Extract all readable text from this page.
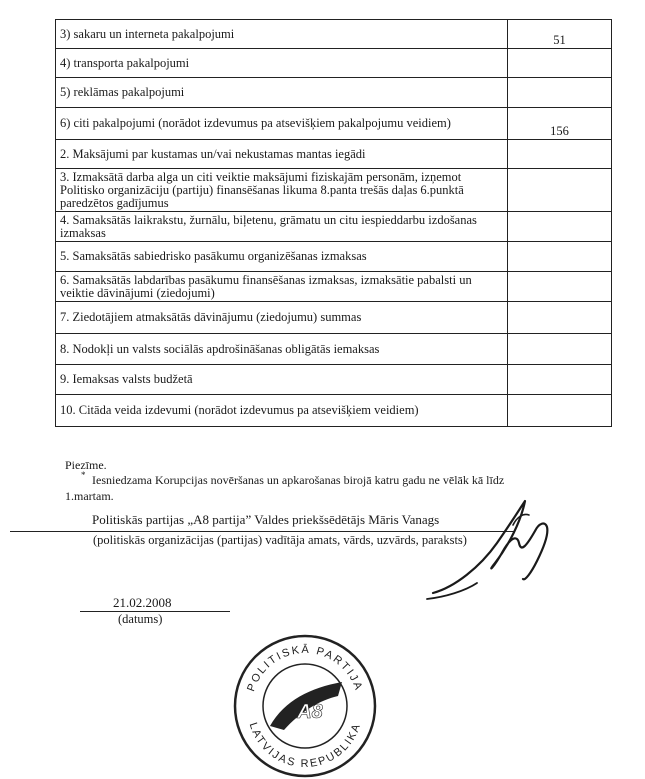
3) sakaru un interneta pakalpojumi	51
4) transporta pakalpojumi	
5) reklāmas pakalpojumi	
6) citi pakalpojumi (norādot izdevumus pa atsevišķiem pakalpojumu veidiem)	156
2. Maksājumi par kustamas un/vai nekustamas mantas iegādi	
3. Izmaksātā darba alga un citi veiktie maksājumi fiziskajām personām, izņemot Politisko organizāciju (partiju) finansēšanas likuma 8.panta trešās daļas 6.punktā paredzētos gadījumus	
4. Samaksātās laikrakstu, žurnālu, biļetenu, grāmatu un citu iespieddarbu izdošanas izmaksas	
5. Samaksātās sabiedrisko pasākumu organizēšanas izmaksas	
6. Samaksātās labdarības pasākumu finansēšanas izmaksas, izmaksātie pabalsti un veiktie dāvinājumi (ziedojumi)	
7. Ziedotājiem atmaksātās dāvinājumu (ziedojumu) summas	
8. Nodokļi un valsts sociālās apdrošināšanas obligātās iemaksas	
9. Iemaksas valsts budžetā	
10. Citāda veida izdevumi (norādot izdevumus pa atsevišķiem veidiem)	
Piezīme.
* Iesniedzama Korupcijas novēršanas un apkarošanas birojā katru gadu ne vēlāk kā līdz 1.martam.
Politiskās partijas „A8 partija” Valdes priekšsēdētājs Māris Vanags
(politiskās organizācijas (partijas) vadītāja amats, vārds, uzvārds, paraksts)
21.02.2008
(datums)
POLITISKĀ PARTIJA
LATVIJAS REPUBLIKA
A8
